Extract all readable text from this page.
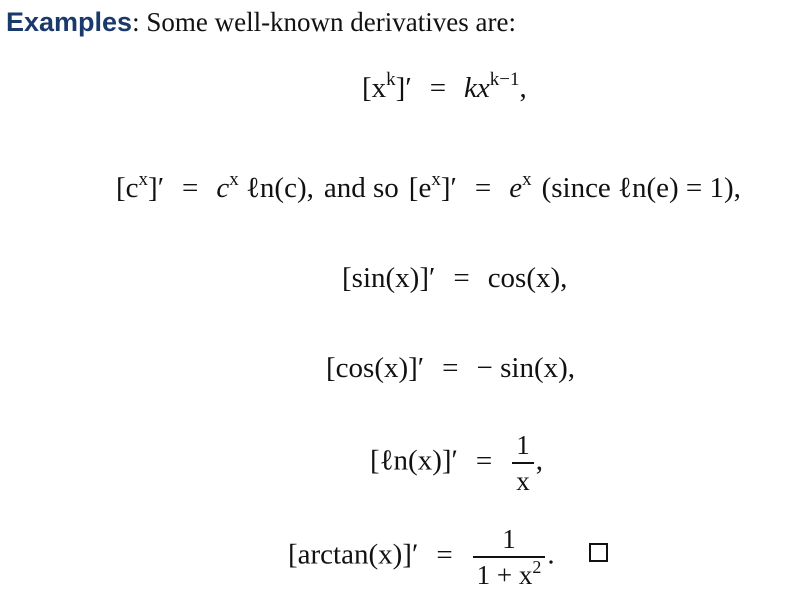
Examples: Some well-known derivatives are:
$[x^k]' = kx^{k-1}$,
$[c^x]' = c^x$ ℓn(c), and so $[e^x]' = e^x$ (since ℓn(e) = 1),
[sin(x)]′ = cos(x),
[cos(x)]′ = − sin(x),
[ℓn(x)]′ = $\frac{1}{x}$ ,
$[\arctan(x)]' = \frac{1}{1 + x^2}$ .
